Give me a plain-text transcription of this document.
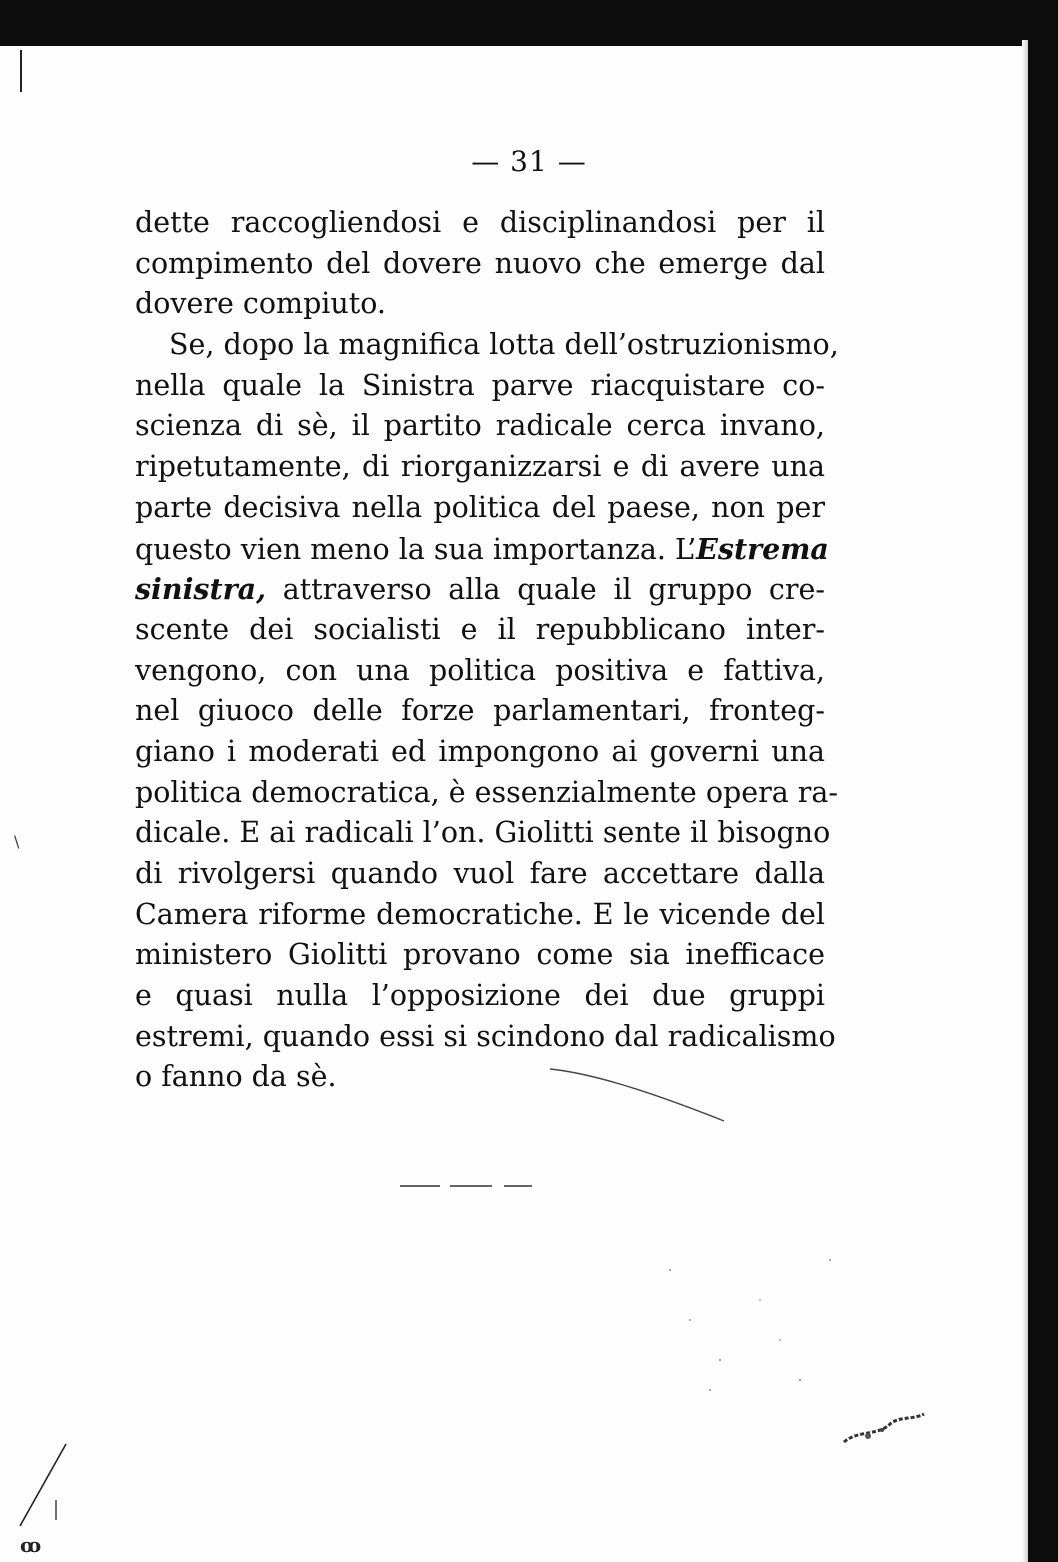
— 31 —
dette raccogliendosi e disciplinandosi per il
compimento del dovere nuovo che emerge dal
dovere compiuto.
Se, dopo la magnifica lotta dell’ostruzionismo,
nella quale la Sinistra parve riacquistare co-
scienza di sè, il partito radicale cerca invano,
ripetutamente, di riorganizzarsi e di avere una
parte decisiva nella politica del paese, non per
questo vien meno la sua importanza. L’Estrema
sinistra, attraverso alla quale il gruppo cre-
scente dei socialisti e il repubblicano inter-
vengono, con una politica positiva e fattiva,
nel giuoco delle forze parlamentari, fronteg-
giano i moderati ed impongono ai governi una
politica democratica, è essenzialmente opera ra-
dicale. E ai radicali l’on. Giolitti sente il bisogno
di rivolgersi quando vuol fare accettare dalla
Camera riforme democratiche. E le vicende del
ministero Giolitti provano come sia inefficace
e quasi nulla l’opposizione dei due gruppi
estremi, quando essi si scindono dal radicalismo
o fanno da sè.
\
ꝏ
